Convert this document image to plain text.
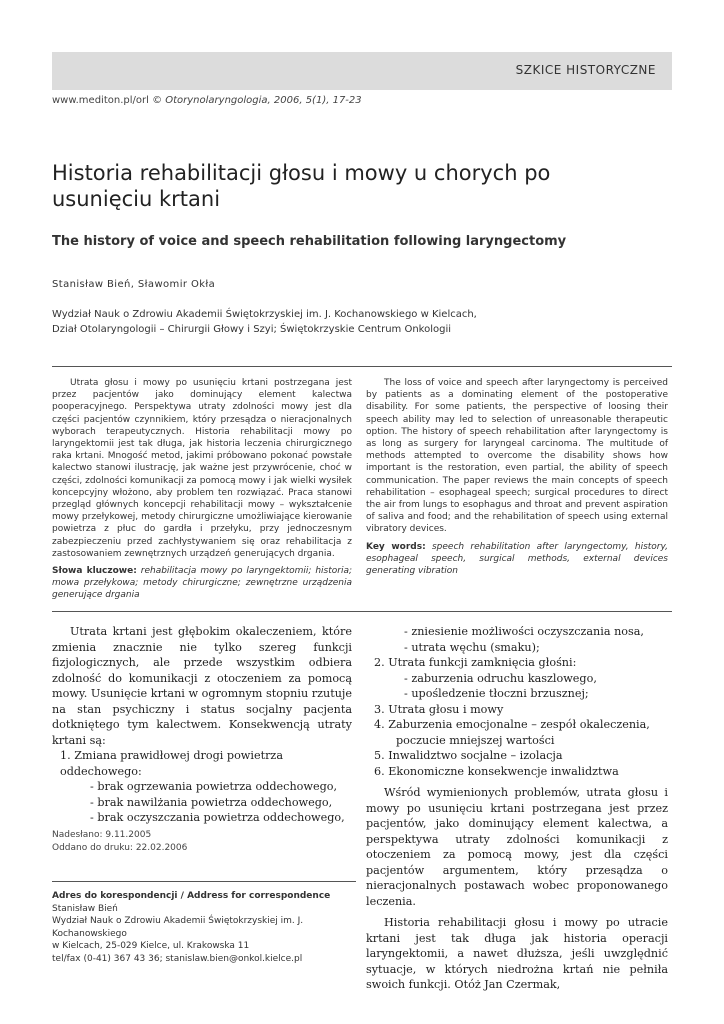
SZKICE HISTORYCZNE
www.mediton.pl/orl © Otorynolaryngologia, 2006, 5(1), 17-23
Historia rehabilitacji głosu i mowy u chorych po usunięciu krtani
The history of voice and speech rehabilitation following laryngectomy
Stanisław Bień, Sławomir Okła
Wydział Nauk o Zdrowiu Akademii Świętokrzyskiej im. J. Kochanowskiego w Kielcach,
Dział Otolaryngologii – Chirurgii Głowy i Szyi; Świętokrzyskie Centrum Onkologii

Utrata głosu i mowy po usunięciu krtani postrzegana jest przez pacjentów jako dominujący element kalectwa pooperacyjnego. Perspektywa utraty zdolności mowy jest dla części pacjentów czynnikiem, który przesądza o nieracjonalnych wyborach terapeutycznych. Historia rehabilitacji mowy po laryngektomii jest tak długa, jak historia leczenia chirurgicznego raka krtani. Mnogość metod, jakimi próbowano pokonać powstałe kalectwo stanowi ilustrację, jak ważne jest przywrócenie, choć w części, zdolności komunikacji za pomocą mowy i jak wielki wysiłek koncepcyjny włożono, aby problem ten rozwiązać. Praca stanowi przegląd głównych koncepcji rehabilitacji mowy – wykształcenie mowy przełykowej, metody chirurgiczne umożliwiające kierowanie powietrza z płuc do gardła i przełyku, przy jednoczesnym zabezpieczeniu przed zachłystywaniem się oraz rehabilitacja z zastosowaniem zewnętrznych urządzeń generujących drgania.

Słowa kluczowe: rehabilitacja mowy po laryngektomii; historia; mowa przełykowa; metody chirurgiczne; zewnętrzne urządzenia generujące drgania

The loss of voice and speech after laryngectomy is perceived by patients as a dominating element of the postoperative disability. For some patients, the perspective of loosing their speech ability may led to selection of unreasonable therapeutic option. The history of speech rehabilitation after laryngectomy is as long as surgery for laryngeal carcinoma. The multitude of methods attempted to overcome the disability shows how important is the restoration, even partial, the ability of speech communication. The paper reviews the main concepts of speech rehabilitation – esophageal speech; surgical procedures to direct the air from lungs to esophagus and throat and prevent aspiration of saliva and food; and the rehabilitation of speech using external vibratory devices.

Key words: speech rehabilitation after laryngectomy, history, esophageal speech, surgical methods, external devices generating vibration

Utrata krtani jest głębokim okaleczeniem, które zmienia znacznie nie tylko szereg funkcji fizjologicznych, ale przede wszystkim odbiera zdolność do komunikacji z otoczeniem za pomocą mowy. Usunięcie krtani w ogromnym stopniu rzutuje na stan psychiczny i status socjalny pacjenta dotkniętego tym kalectwem. Konsekwencją utraty krtani są:

1. Zmiana prawidłowej drogi powietrza oddechowego:
- brak ogrzewania powietrza oddechowego,
- brak nawilżania powietrza oddechowego,
- brak oczyszczania powietrza oddechowego,
- zniesienie możliwości oczyszczania nosa,
- utrata węchu (smaku);
2. Utrata funkcji zamknięcia głośni:
- zaburzenia odruchu kaszlowego,
- upośledzenie tłoczni brzusznej;
3. Utrata głosu i mowy
4. Zaburzenia emocjonalne – zespół okaleczenia, poczucie mniejszej wartości
5. Inwalidztwo socjalne – izolacja
6. Ekonomiczne konsekwencje inwalidztwa

Wśród wymienionych problemów, utrata głosu i mowy po usunięciu krtani postrzegana jest przez pacjentów, jako dominujący element kalectwa, a perspektywa utraty zdolności komunikacji z otoczeniem za pomocą mowy, jest dla części pacjentów argumentem, który przesądza o nieracjonalnych postawach wobec proponowanego leczenia.

Historia rehabilitacji głosu i mowy po utracie krtani jest tak długa jak historia operacji laryngektomii, a nawet dłuższa, jeśli uwzględnić sytuacje, w których niedrożna krtań nie pełniła swoich funkcji. Otóż Jan Czermak,

Nadesłano: 9.11.2005
Oddano do druku: 22.02.2006
Adres do korespondencji / Address for correspondence
Stanisław Bień
Wydział Nauk o Zdrowiu Akademii Świętokrzyskiej im. J. Kochanowskiego
w Kielcach, 25-029 Kielce, ul. Krakowska 11
tel/fax (0-41) 367 43 36; stanislaw.bien@onkol.kielce.pl
